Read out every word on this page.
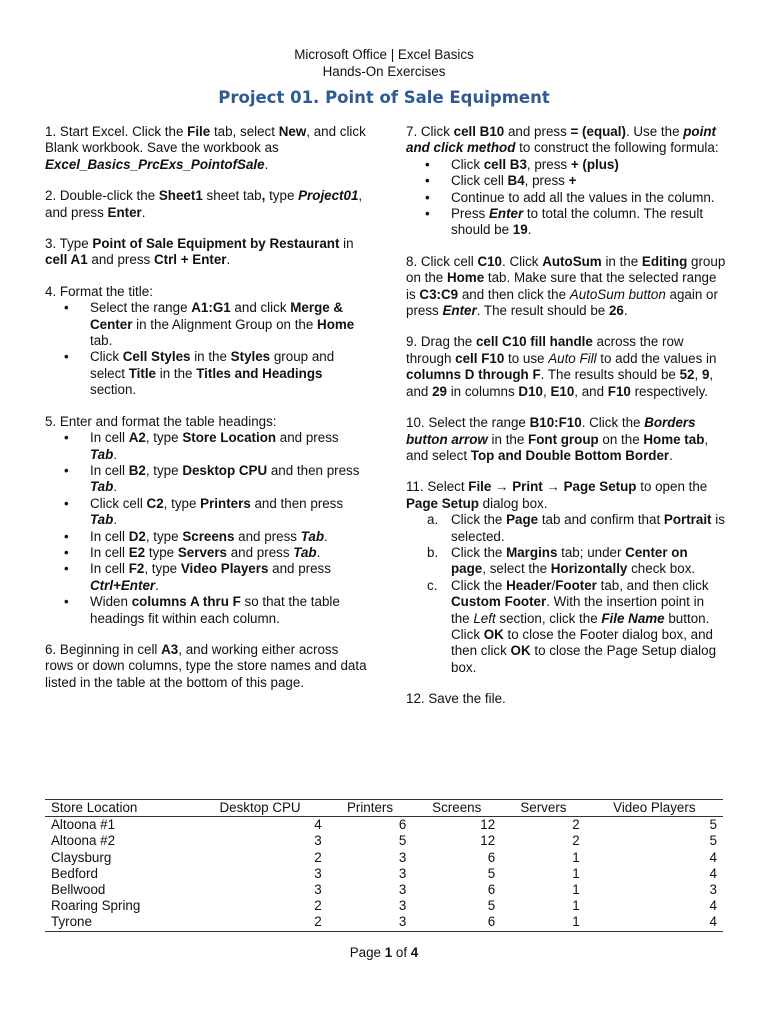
Microsoft Office | Excel Basics
Hands-On Exercises
Project 01. Point of Sale Equipment

1. Start Excel. Click the File tab, select New, and click Blank workbook. Save the workbook as Excel_Basics_PrcExs_PointofSale.

2. Double-click the Sheet1 sheet tab, type Project01, and press Enter.

3. Type Point of Sale Equipment by Restaurant in cell A1 and press Ctrl + Enter.

4. Format the title:
• Select the range A1:G1 and click Merge & Center in the Alignment Group on the Home tab.
• Click Cell Styles in the Styles group and select Title in the Titles and Headings section.
5. Enter and format the table headings:
• In cell A2, type Store Location and press Tab.
• In cell B2, type Desktop CPU and then press Tab.
• Click cell C2, type Printers and then press Tab.
• In cell D2, type Screens and press Tab.
• In cell E2 type Servers and press Tab.
• In cell F2, type Video Players and press Ctrl+Enter.
• Widen columns A thru F so that the table headings fit within each column.

6. Beginning in cell A3, and working either across rows or down columns, type the store names and data listed in the table at the bottom of this page.

7. Click cell B10 and press = (equal). Use the point and click method to construct the following formula:
• Click cell B3, press + (plus)
• Click cell B4, press +
• Continue to add all the values in the column.
• Press Enter to total the column. The result should be 19.

8. Click cell C10. Click AutoSum in the Editing group on the Home tab. Make sure that the selected range is C3:C9 and then click the AutoSum button again or press Enter. The result should be 26.

9. Drag the cell C10 fill handle across the row through cell F10 to use Auto Fill to add the values in columns D through F. The results should be 52, 9, and 29 in columns D10, E10, and F10 respectively.

10. Select the range B10:F10. Click the Borders button arrow in the Font group on the Home tab, and select Top and Double Bottom Border.

11. Select File → Print → Page Setup to open the Page Setup dialog box.
a. Click the Page tab and confirm that Portrait is selected.
b. Click the Margins tab; under Center on page, select the Horizontally check box.
c. Click the Header/Footer tab, and then click Custom Footer. With the insertion point in the Left section, click the File Name button. Click OK to close the Footer dialog box, and then click OK to close the Page Setup dialog box.

12. Save the file.

Store Location	Desktop CPU	Printers	Screens	Servers	Video Players
Altoona #1	4	6	12	2	5
Altoona #2	3	5	12	2	5
Claysburg	2	3	6	1	4
Bedford	3	3	5	1	4
Bellwood	3	3	6	1	3
Roaring Spring	2	3	5	1	4
Tyrone	2	3	6	1	4
Page 1 of 4
